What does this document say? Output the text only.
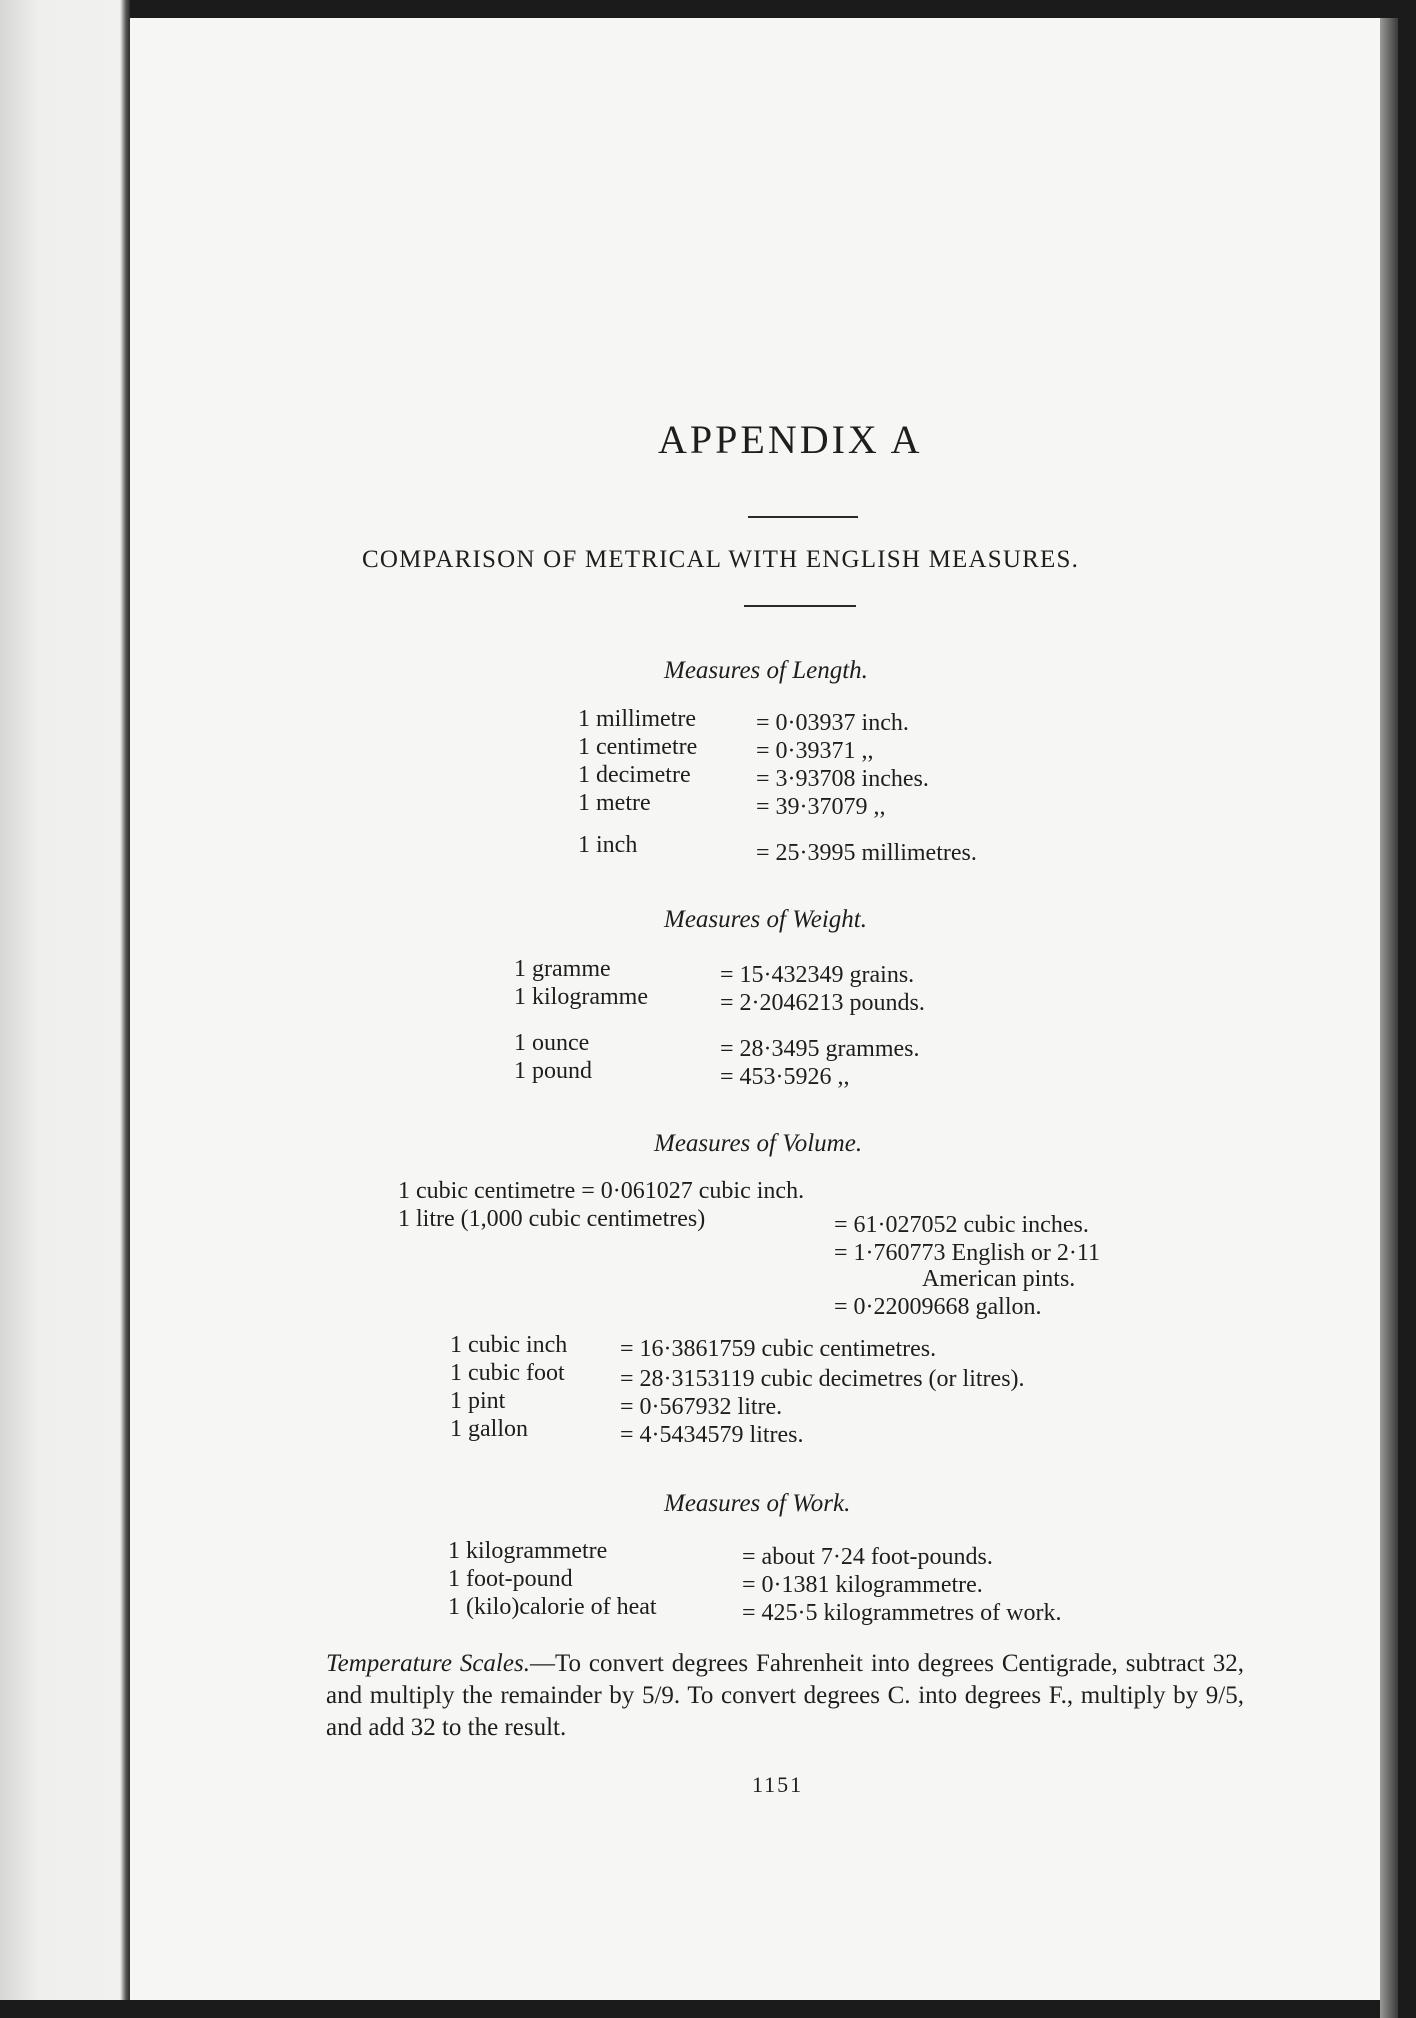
APPENDIX A
COMPARISON OF METRICAL WITH ENGLISH MEASURES.
Measures of Length.
1 millimetre	= 0·03937 inch.
1 centimetre = 0·39371 ,,
1 decimetre	= 3·93708 inches.
1 metre	= 39·37079 ,,
1 inch	= 25·3995 millimetres.
Measures of Weight.
1 gramme	= 15·432349 grains.
1 kilogramme	= 2·2046213 pounds.
1 ounce	= 28·3495 grammes.
1 pound	= 453·5926 ,,
Measures of Volume.
1 cubic centimetre = 0·061027 cubic inch.
1 litre (1,000 cubic centimetres)	= 61·027052 cubic inches.
= 1·760773 English or 2·11
American pints.
= 0·22009668 gallon.
1 cubic inch = 16·3861759 cubic centimetres.
1 cubic foot = 28·3153119 cubic decimetres (or litres).
1 pint	= 0·567932 litre.
1 gallon	= 4·5434579 litres.
Measures of Work.
1 kilogrammetre	= about 7·24 foot-pounds.
1 foot-pound	= 0·1381 kilogrammetre.
1 (kilo)calorie of heat	= 425·5 kilogrammetres of work.
Temperature Scales.—To convert degrees Fahrenheit into degrees Centigrade, subtract 32, and multiply the remainder by 5/9. To convert degrees C. into degrees F., multiply by 9/5, and add 32 to the result.
1151
